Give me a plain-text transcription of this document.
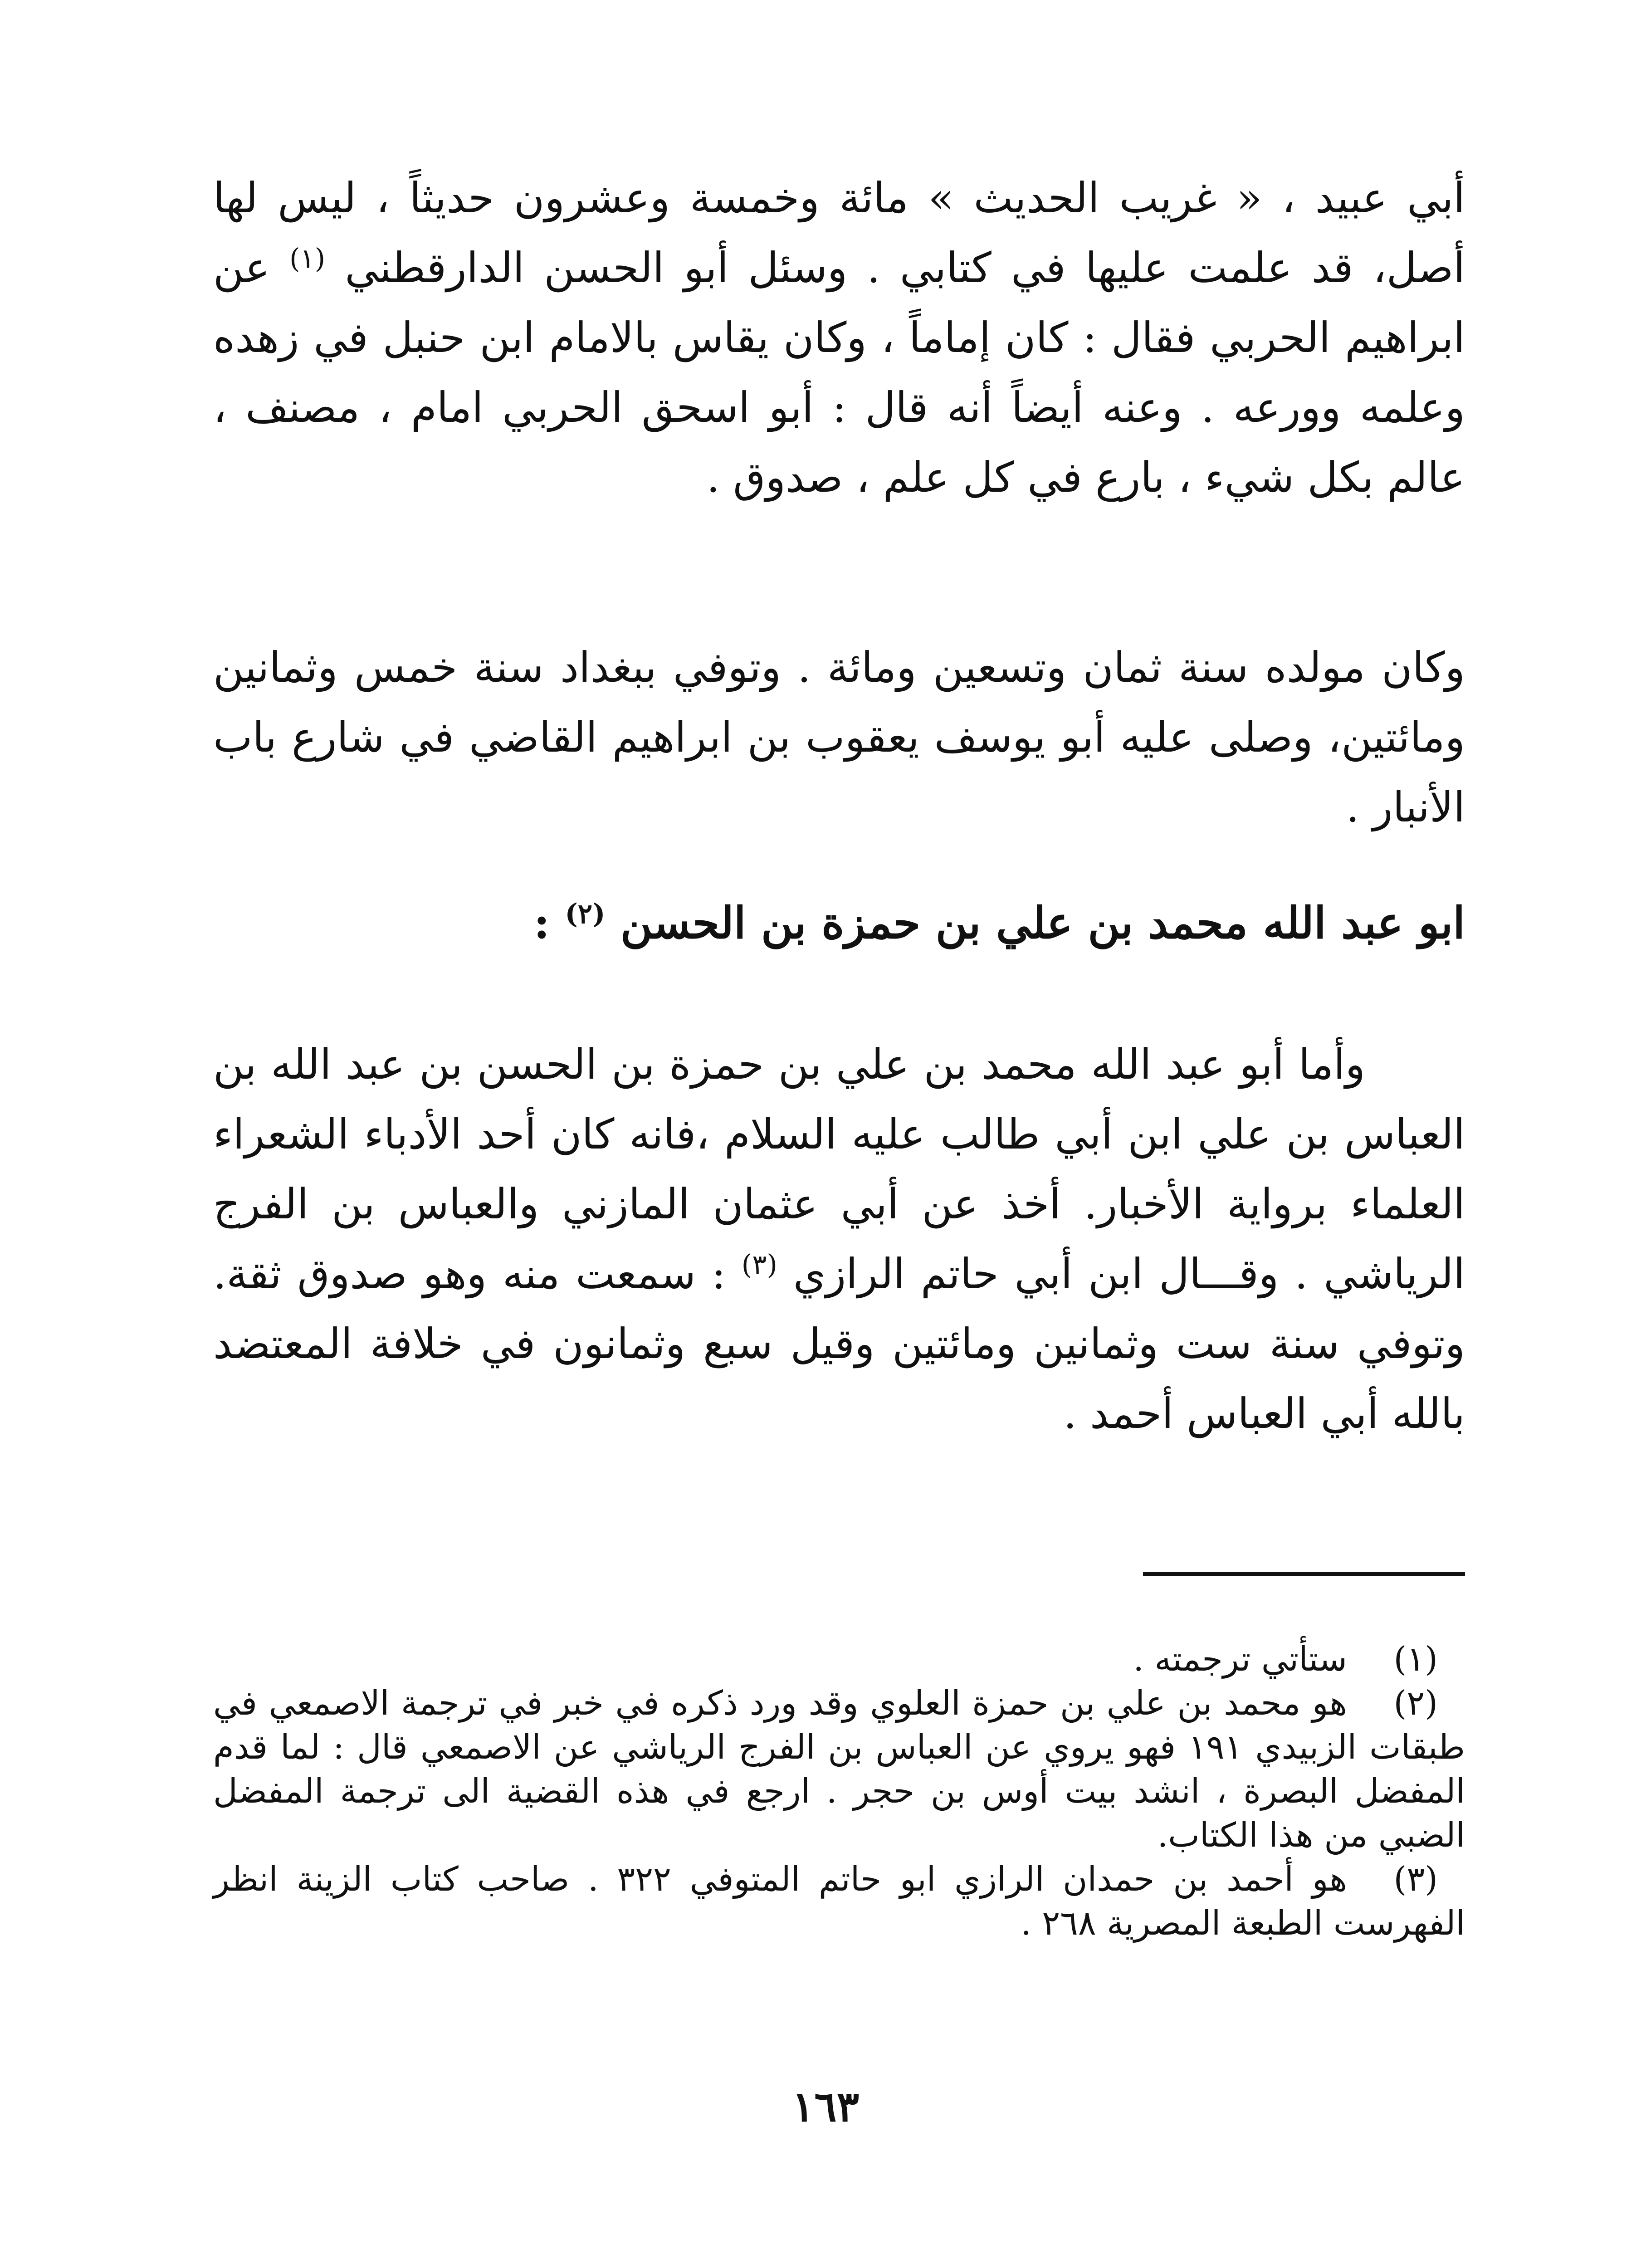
أبي عبيد ، « غريب الحديث » مائة وخمسة وعشرون حديثاً ، ليس لها أصل، قد علمت عليها في كتابي . وسئل أبو الحسن الدارقطني $^{(١)}$ عن ابراهيم الحربي فقال : كان إماماً ، وكان يقاس بالامام ابن حنبل في زهده وعلمه وورعه . وعنه أيضاً أنه قال : أبو اسحق الحربي امام ، مصنف ، عالم بكل شيء ، بارع في كل علم ، صدوق .

وكان مولده سنة ثمان وتسعين ومائة . وتوفي ببغداد سنة خمس وثمانين ومائتين، وصلى عليه أبو يوسف يعقوب بن ابراهيم القاضي في شارع باب الأنبار .

ابو عبد الله محمد بن علي بن حمزة بن الحسن $^{(٢)}$ :

وأما أبو عبد الله محمد بن علي بن حمزة بن الحسن بن عبد الله بن العباس بن علي ابن أبي طالب عليه السلام ،فانه كان أحد الأدباء الشعراء العلماء برواية الأخبار. أخذ عن أبي عثمان المازني والعباس بن الفرج الرياشي . وقـــال ابن أبي حاتم الرازي $^{(٣)}$ : سمعت منه وهو صدوق ثقة. وتوفي سنة ست وثمانين ومائتين وقيل سبع وثمانون في خلافة المعتضد بالله أبي العباس أحمد .

(١)ستأتي ترجمته .
(٢)هو محمد بن علي بن حمزة العلوي وقد ورد ذكره في خبر في ترجمة الاصمعي في طبقات الزبيدي ١٩١ فهو يروي عن العباس بن الفرج الرياشي عن الاصمعي قال : لما قدم المفضل البصرة ، انشد بيت أوس بن حجر . ارجع في هذه القضية الى ترجمة المفضل الضبي من هذا الكتاب.
(٣)هو أحمد بن حمدان الرازي ابو حاتم المتوفي ٣٢٢ . صاحب كتاب الزينة انظر الفهرست الطبعة المصرية ٢٦٨ .

١٦٣
